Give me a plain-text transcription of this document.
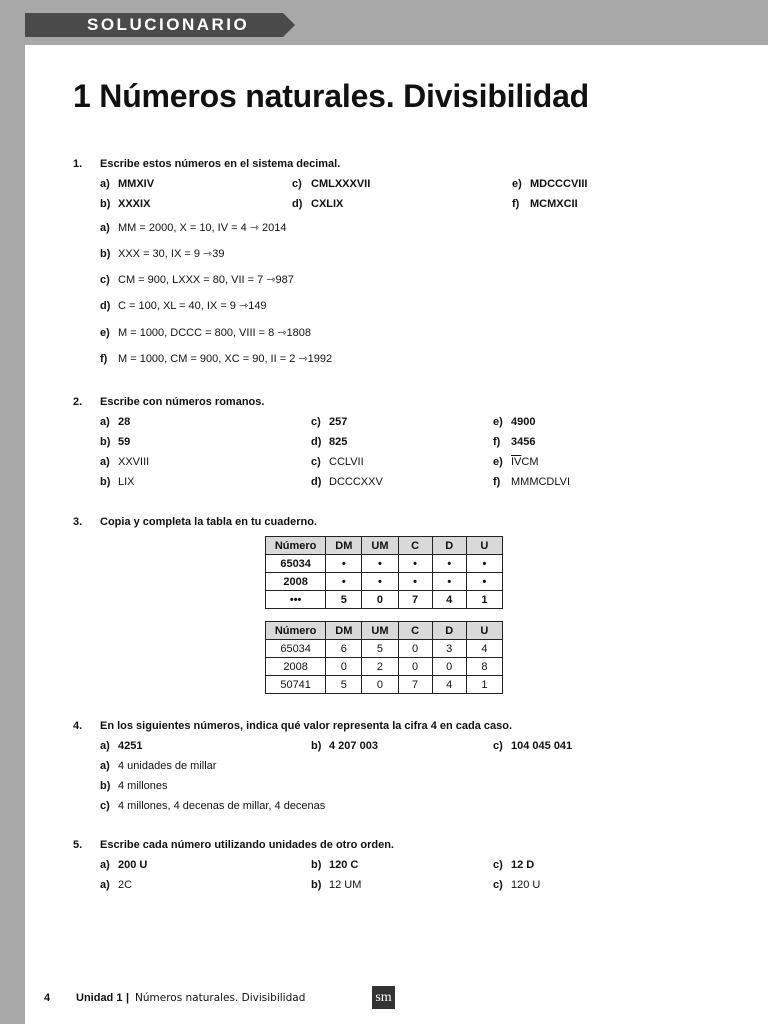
SOLUCIONARIO
1 Números naturales. Divisibilidad
1. Escribe estos números en el sistema decimal.
a) MMXIV	c) CMLXXXVII	e) MDCCCVIII
b) XXXIX	d) CXLIX	f) MCMXCII
a) MM = 2000, X = 10, IV = 4 ⇾ 2014
b) XXX = 30, IX = 9 ⇾39
c) CM = 900, LXXX = 80, VII = 7 ⇾987
d) C = 100, XL = 40, IX = 9 ⇾149
e) M = 1000, DCCC = 800, VIII = 8 ⇾1808
f) M = 1000, CM = 900, XC = 90, II = 2 ⇾1992
2. Escribe con números romanos.
a) 28	c) 257	e) 4900
b) 59	d) 825	f) 3456
a) XXVIII	c) CCLVII	e) $\overline{IV}CM$
b) LIX	d) DCCCXXV	f) MMMCDLVI
3. Copia y completa la tabla en tu cuaderno.
Número	DM	UM	C	D	U
65034	•	•	•	•	•
2008	•	•	•	•	•
•••	5	0	7	4	1
Número	DM	UM	C	D	U
65034	6	5	0	3	4
2008	0	2	0	0	8
50741	5	0	7	4	1
4. En los siguientes números, indica qué valor representa la cifra 4 en cada caso.
a) 4251	b) 4 207 003	c) 104 045 041
a) 4 unidades de millar
b) 4 millones
c) 4 millones, 4 decenas de millar, 4 decenas
5. Escribe cada número utilizando unidades de otro orden.
a) 200 U	b) 120 C	c) 12 D
a) 2C	b) 12 UM	c) 120 U
4 Unidad 1 | Números naturales. Divisibilidad	sm
